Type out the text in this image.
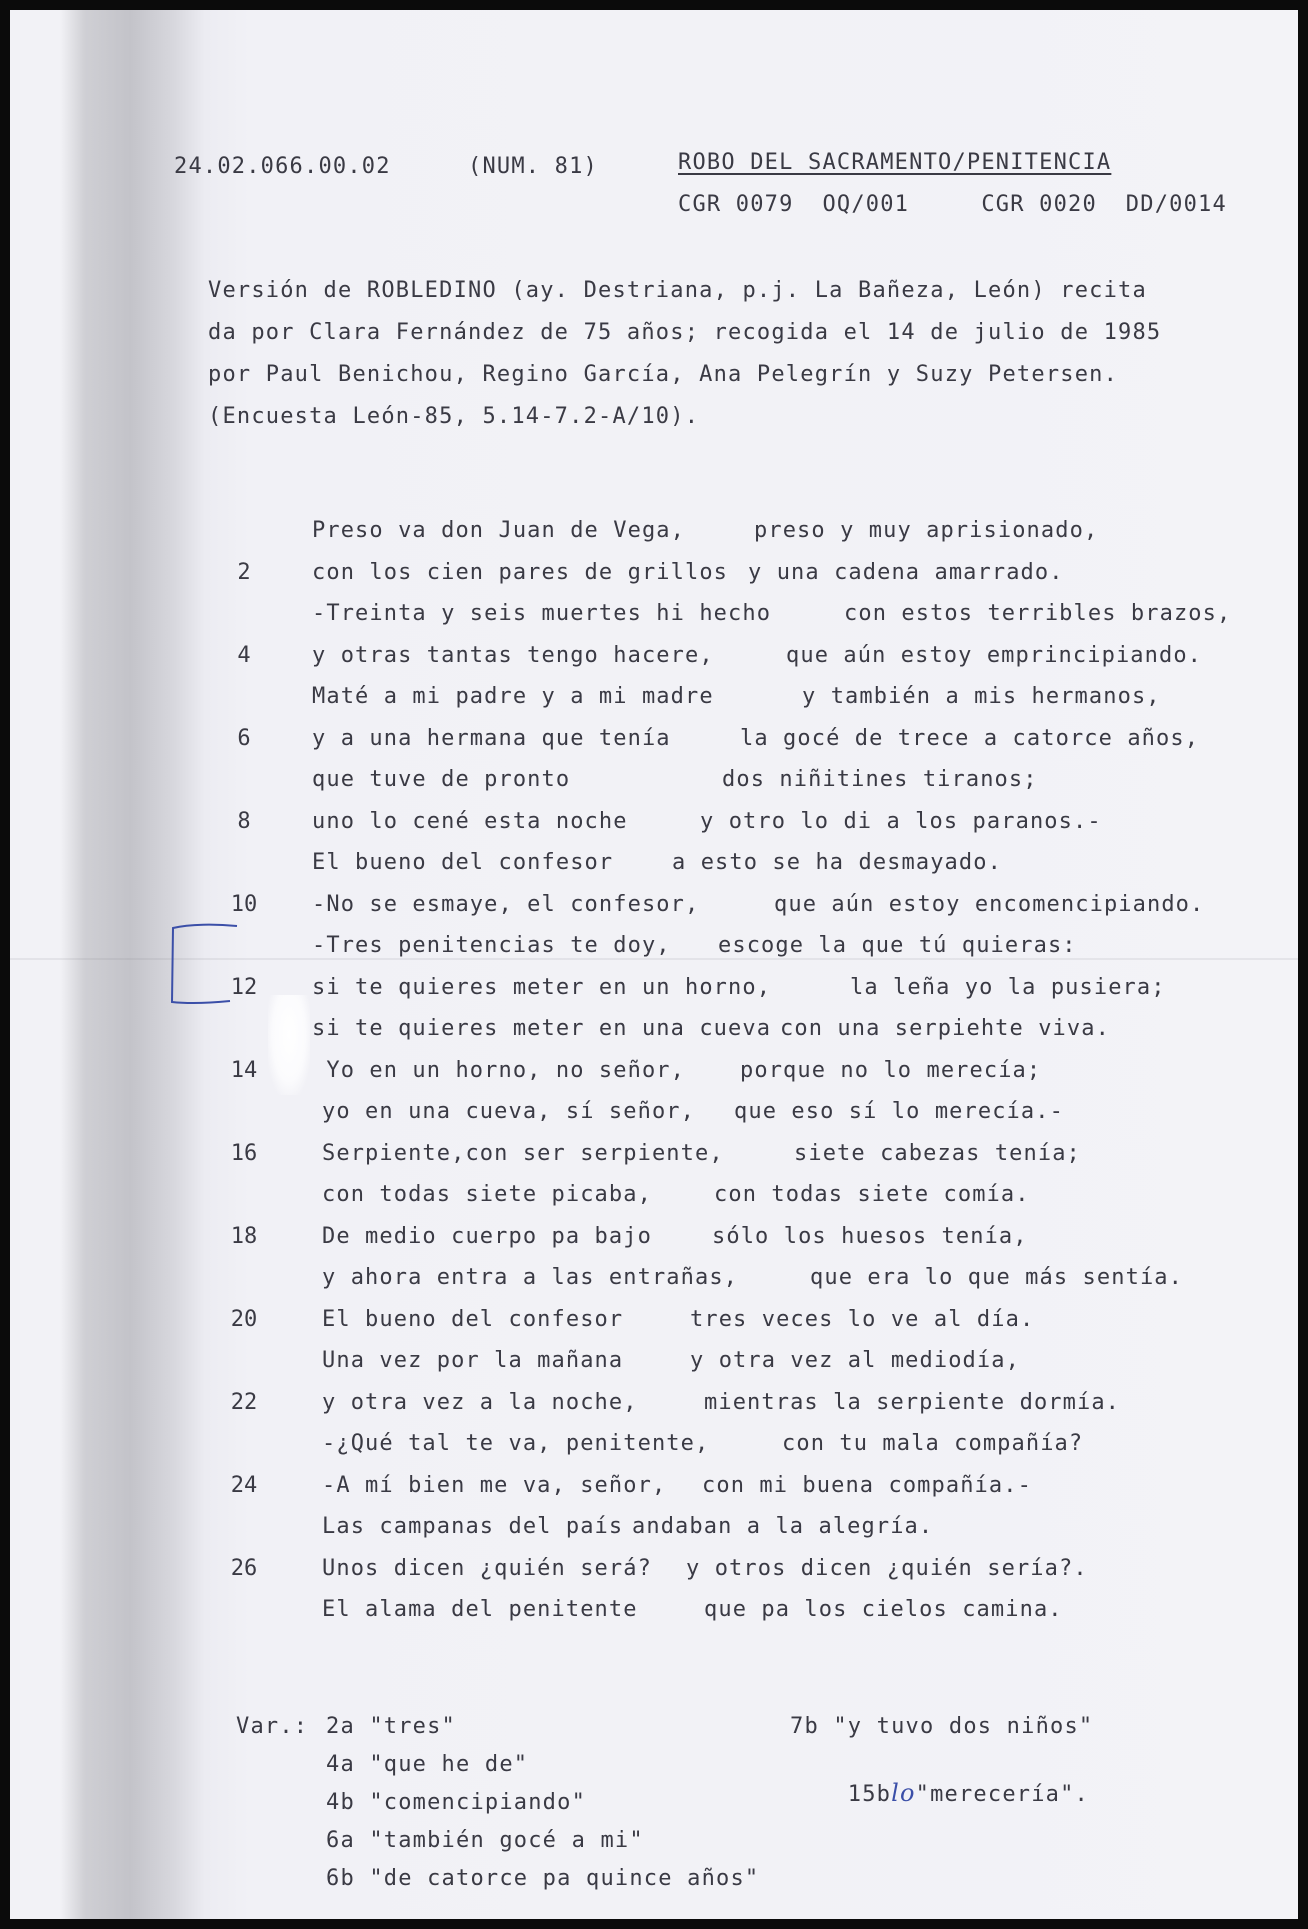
24.02.066.00.02	(NUM. 81)	ROBO DEL SACRAMENTO/PENITENCIA
CGR 0079  OQ/001     CGR 0020  DD/0014
Versión de ROBLEDINO (ay. Destriana, p.j. La Bañeza, León) recita
da por Clara Fernández de 75 años; recogida el 14 de julio de 1985
por Paul Benichou, Regino García, Ana Pelegrín y Suzy Petersen.
(Encuesta León-85, 5.14-7.2-A/10).
Preso va don Juan de Vega,	preso y muy aprisionado,
2	con los cien pares de grillos y una cadena amarrado.
-Treinta y seis muertes hi hecho	con estos terribles brazos,
4	y otras tantas tengo hacere,	que aún estoy emprincipiando.
Maté a mi padre y a mi madre	y también a mis hermanos,
6	y a una hermana que tenía	la gocé de trece a catorce años,
que tuve de pronto	dos niñitines tiranos;
8	uno lo cené esta noche	y otro lo di a los paranos.-
El bueno del confesor	a esto se ha desmayado.
10	-No se esmaye, el confesor,	que aún estoy encomencipiando.
-Tres penitencias te doy, escoge la que tú quieras:
12	si te quieres meter en un horno,	la leña yo la pusiera;
si te quieres meter en una cueva con una serpiehte viva.
14	Yo en un horno, no señor,	porque no lo merecía;
yo en una cueva, sí señor, que eso sí lo merecía.-
16	Serpiente,con ser serpiente,	siete cabezas tenía;
con todas siete picaba,	con todas siete comía.
18	De medio cuerpo pa bajo	sólo los huesos tenía,
y ahora entra a las entrañas,	que era lo que más sentía.
20	El bueno del confesor	tres veces lo ve al día.
Una vez por la mañana	y otra vez al mediodía,
22	y otra vez a la noche,	mientras la serpiente dormía.
-¿Qué tal te va, penitente,	con tu mala compañía?
24	-A mí bien me va, señor, con mi buena compañía.-
Las campanas del país andaban a la alegría.
26	Unos dicen ¿quién será? y otros dicen ¿quién sería?.
El alama del penitente	que pa los cielos camina.
Var.: 2a "tres"
4a "que he de"
4b "comencipiando"
6a "también gocé a mi"
6b "de catorce pa quince años"
7b "y tuvo dos niños"

15blo"merecería".
